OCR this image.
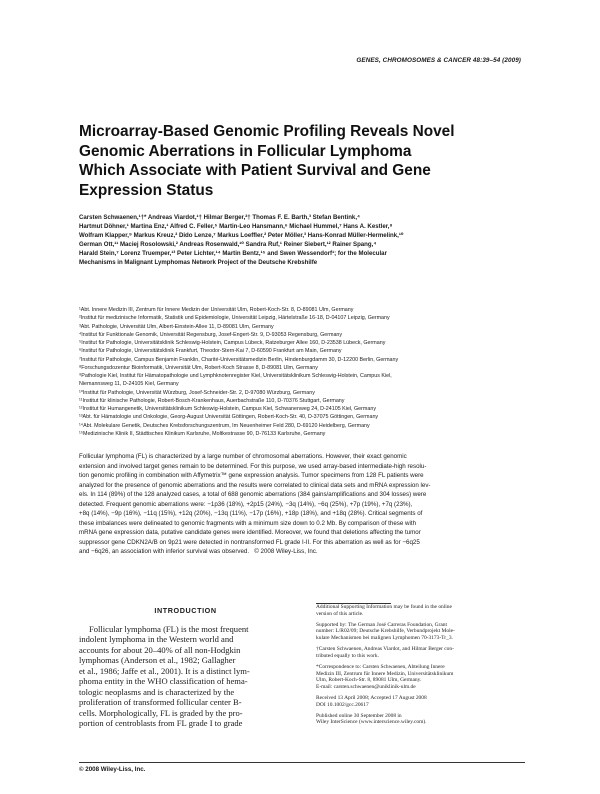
GENES, CHROMOSOMES & CANCER 48:39–54 (2009)
Microarray-Based Genomic Profiling Reveals Novel
Genomic Aberrations in Follicular Lymphoma
Which Associate with Patient Survival and Gene
Expression Status
Carsten Schwaenen,¹†* Andreas Viardot,¹† Hilmar Berger,²† Thomas F. E. Barth,³ Stefan Bentink,⁴
Hartmut Döhner,¹ Martina Enz,¹ Alfred C. Feller,⁵ Martin-Leo Hansmann,⁶ Michael Hummel,⁷ Hans A. Kestler,⁸
Wolfram Klapper,⁹ Markus Kreuz,² Dido Lenze,⁷ Markus Loeffler,² Peter Möller,³ Hans-Konrad Müller-Hermelink,¹⁰
German Ott,¹¹ Maciej Rosolowski,² Andreas Rosenwald,¹⁰ Sandra Ruf,¹ Reiner Siebert,¹² Rainer Spang,⁴
Harald Stein,⁷ Lorenz Truemper,¹³ Peter Lichter,¹⁴ Martin Bentz,¹⁵ and Swen Wessendorf¹; for the Molecular
Mechanisms in Malignant Lymphomas Network Project of the Deutsche Krebshilfe
¹Abt. Innere Medizin III, Zentrum für Innere Medizin der Universität Ulm, Robert-Koch-Str. 8, D-89081 Ulm, Germany
²Institut für medizinische Informatik, Statistik und Epidemiologie, Universität Leipzig, Härtelstraße 16-18, D-04107 Leipzig, Germany
³Abt. Pathologie, Universität Ulm, Albert-Einstein-Allee 11, D-89081 Ulm, Germany
⁴Institut für Funktionale Genomik, Universität Regensburg, Josef-Engert-Str. 9, D-93053 Regensburg, Germany
⁵Institut für Pathologie, Universitätsklinik Schleswig-Holstein, Campus Lübeck, Ratzeburger Allee 160, D-23538 Lübeck, Germany
⁶Institut für Pathologie, Universitätsklinik Frankfurt, Theodor-Stern-Kai 7, D-60590 Frankfurt am Main, Germany
⁷Institut für Pathologie, Campus Benjamin Franklin, Charité-Universitätsmedizin Berlin, Hindenburgdamm 30, D-12200 Berlin, Germany
⁸Forschungsdozentur Bioinformatik, Universität Ulm, Robert-Koch Strasse 8, D-89081 Ulm, Germany
⁹Pathologie Kiel, Institut für Hämatopathologie und Lymphknotenregister Kiel, Universitätsklinikum Schleswig-Holstein, Campus Kiel,
Niemannsweg 11, D-24105 Kiel, Germany
¹⁰Institut für Pathologie, Universität Würzburg, Josef-Schneider-Str. 2, D-97080 Würzburg, Germany
¹¹Institut für klinische Pathologie, Robert-Bosch-Krankenhaus, Auerbachstraße 110, D-70376 Stuttgart, Germany
¹²Institut für Humangenetik, Universitätsklinikum Schleswig-Holstein, Campus Kiel, Schwanenweg 24, D-24105 Kiel, Germany
¹³Abt. für Hämatologie und Onkologie, Georg-August Universität Göttingen, Robert-Koch-Str. 40, D-37075 Göttingen, Germany
¹⁴Abt. Molekulare Genetik, Deutsches Krebsforschungszentrum, Im Neuenheimer Feld 280, D-69120 Heidelberg, Germany
¹⁵Medizinische Klinik II, Städtisches Klinikum Karlsruhe, Moltkestrasse 90, D-76133 Karlsruhe, Germany
Follicular lymphoma (FL) is characterized by a large number of chromosomal aberrations. However, their exact genomic
extension and involved target genes remain to be determined. For this purpose, we used array-based intermediate-high resolu-
tion genomic profiling in combination with Affymetrix™ gene expression analysis. Tumor specimens from 128 FL patients were
analyzed for the presence of genomic aberrations and the results were correlated to clinical data sets and mRNA expression lev-
els. In 114 (89%) of the 128 analyzed cases, a total of 688 genomic aberrations (384 gains/amplifications and 304 losses) were
detected. Frequent genomic aberrations were: −1p36 (18%), +2p15 (24%), −3q (14%), −6q (25%), +7p (19%), +7q (23%),
+8q (14%), −9p (16%), −11q (15%), +12q (20%), −13q (11%), −17p (16%), +18p (18%), and +18q (28%). Critical segments of
these imbalances were delineated to genomic fragments with a minimum size down to 0.2 Mb. By comparison of these with
mRNA gene expression data, putative candidate genes were identified. Moreover, we found that deletions affecting the tumor
suppressor gene CDKN2A/B on 9p21 were detected in nontransformed FL grade I-II. For this aberration as well as for −6q25
and −6q26, an association with inferior survival was observed. © 2008 Wiley-Liss, Inc.
INTRODUCTION
Follicular lymphoma (FL) is the most frequent
indolent lymphoma in the Western world and
accounts for about 20–40% of all non-Hodgkin
lymphomas (Anderson et al., 1982; Gallagher
et al., 1986; Jaffe et al., 2001). It is a distinct lym-
phoma entity in the WHO classification of hema-
tologic neoplasms and is characterized by the
proliferation of transformed follicular center B-
cells. Morphologically, FL is graded by the pro-
portion of centroblasts from FL grade I to grade
Additional Supporting Information may be found in the online
version of this article.
Supported by: The German José Carreras Foundation, Grant
number: L/R02/09; Deutsche Krebshilfe, Verbundprojekt Mole-
kulare Mechanismen bei malignen Lymphomen 70-3173-Tr_3.
†Carsten Schwaenen, Andreas Viardot, and Hilmar Berger con-
tributed equally to this work.
*Correspondence to: Carsten Schwaenen, Abteilung Innere
Medizin III, Zentrum für Innere Medizin, Universitätsklinikum
Ulm, Robert-Koch-Str. 8, 89081 Ulm, Germany.
E-mail: carsten.schwaenen@uniklinik-ulm.de
Received 13 April 2008; Accepted 17 August 2008
DOI 10.1002/gcc.20617
Published online 30 September 2008 in
Wiley InterScience (www.interscience.wiley.com).
© 2008 Wiley-Liss, Inc.
